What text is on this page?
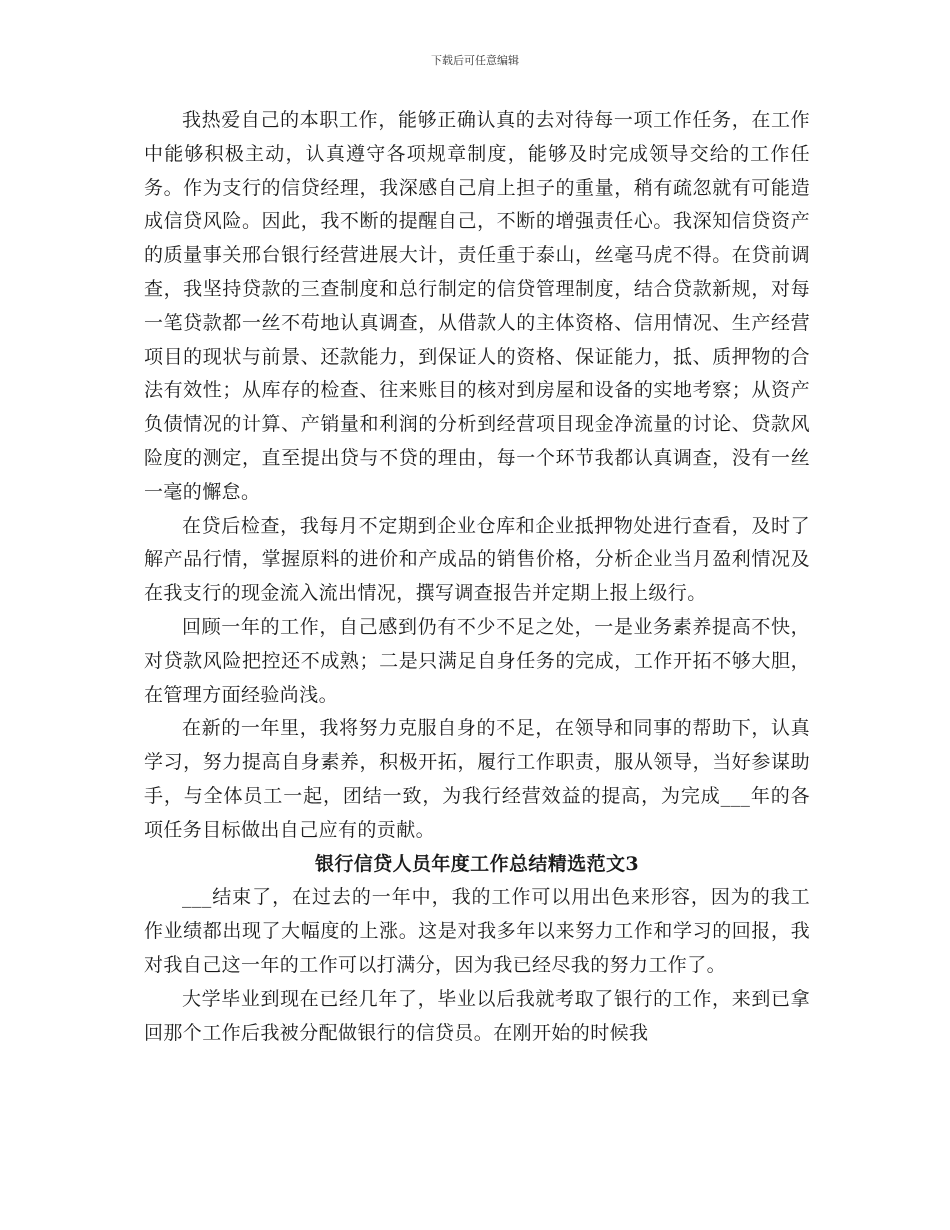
下载后可任意编辑

我热爱自己的本职工作，能够正确认真的去对待每一项工作任务，在工作中能够积极主动，认真遵守各项规章制度，能够及时完成领导交给的工作任务。作为支行的信贷经理，我深感自己肩上担子的重量，稍有疏忽就有可能造成信贷风险。因此，我不断的提醒自己，不断的增强责任心。我深知信贷资产的质量事关邢台银行经营进展大计，责任重于泰山，丝毫马虎不得。在贷前调查，我坚持贷款的三查制度和总行制定的信贷管理制度，结合贷款新规，对每一笔贷款都一丝不苟地认真调查，从借款人的主体资格、信用情况、生产经营项目的现状与前景、还款能力，到保证人的资格、保证能力，抵、质押物的合法有效性；从库存的检查、往来账目的核对到房屋和设备的实地考察；从资产负债情况的计算、产销量和利润的分析到经营项目现金净流量的讨论、贷款风险度的测定，直至提出贷与不贷的理由，每一个环节我都认真调查，没有一丝一毫的懈怠。

在贷后检查，我每月不定期到企业仓库和企业抵押物处进行查看，及时了解产品行情，掌握原料的进价和产成品的销售价格，分析企业当月盈利情况及在我支行的现金流入流出情况，撰写调查报告并定期上报上级行。

回顾一年的工作，自己感到仍有不少不足之处，一是业务素养提高不快，对贷款风险把控还不成熟；二是只满足自身任务的完成，工作开拓不够大胆，在管理方面经验尚浅。

在新的一年里，我将努力克服自身的不足，在领导和同事的帮助下，认真学习，努力提高自身素养，积极开拓，履行工作职责，服从领导，当好参谋助手，与全体员工一起，团结一致，为我行经营效益的提高，为完成___年的各项任务目标做出自己应有的贡献。

银行信贷人员年度工作总结精选范文3

___结束了，在过去的一年中，我的工作可以用出色来形容，因为的我工作业绩都出现了大幅度的上涨。这是对我多年以来努力工作和学习的回报，我对我自己这一年的工作可以打满分，因为我已经尽我的努力工作了。

大学毕业到现在已经几年了，毕业以后我就考取了银行的工作，来到已拿回那个工作后我被分配做银行的信贷员。在刚开始的时候我
